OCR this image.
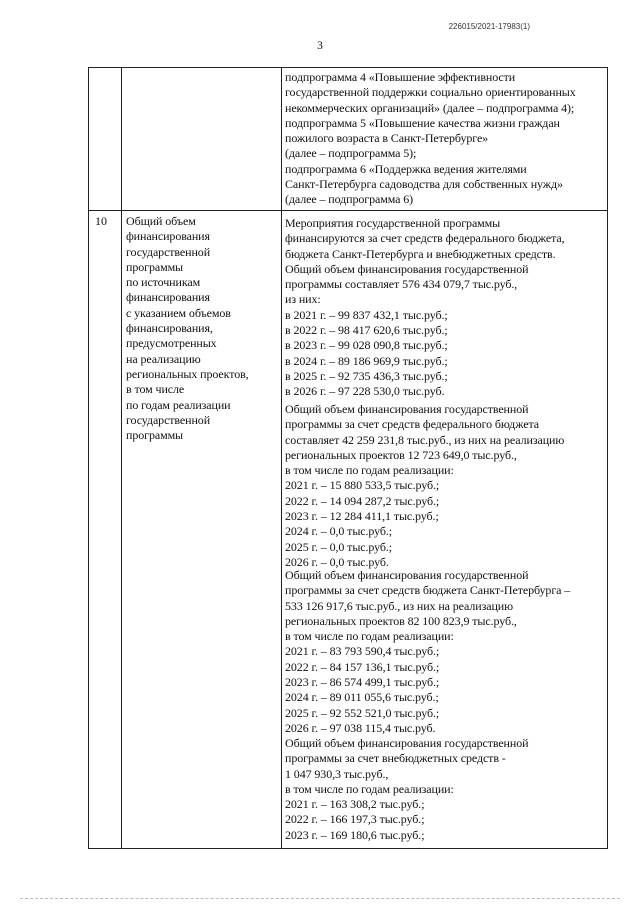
226015/2021-17983(1)
3
подпрограмма 4 «Повышение эффективности
государственной поддержки социально ориентированных
некоммерческих организаций» (далее – подпрограмма 4);
подпрограмма 5 «Повышение качества жизни граждан
пожилого возраста в Санкт-Петербурге»
(далее – подпрограмма 5);
подпрограмма 6 «Поддержка ведения жителями
Санкт-Петербурга садоводства для собственных нужд»
(далее – подпрограмма 6)
10 Общий объем
финансирования
государственной
программы
по источникам
финансирования
с указанием объемов
финансирования,
предусмотренных
на реализацию
региональных проектов,
в том числе
по годам реализации
государственной
программы
Мероприятия государственной программы
финансируются за счет средств федерального бюджета,
бюджета Санкт-Петербурга и внебюджетных средств.
Общий объем финансирования государственной
программы составляет 576 434 079,7 тыс.руб.,
из них:
в 2021 г. – 99 837 432,1 тыс.руб.;
в 2022 г. – 98 417 620,6 тыс.руб.;
в 2023 г. – 99 028 090,8 тыс.руб.;
в 2024 г. – 89 186 969,9 тыс.руб.;
в 2025 г. – 92 735 436,3 тыс.руб.;
в 2026 г. – 97 228 530,0 тыс.руб.
Общий объем финансирования государственной
программы за счет средств федерального бюджета
составляет 42 259 231,8 тыс.руб., из них на реализацию
региональных проектов 12 723 649,0 тыс.руб.,
в том числе по годам реализации:
2021 г. – 15 880 533,5 тыс.руб.;
2022 г. – 14 094 287,2 тыс.руб.;
2023 г. – 12 284 411,1 тыс.руб.;
2024 г. – 0,0 тыс.руб.;
2025 г. – 0,0 тыс.руб.;
2026 г. – 0,0 тыс.руб.
Общий объем финансирования государственной
программы за счет средств бюджета Санкт-Петербурга –
533 126 917,6 тыс.руб., из них на реализацию
региональных проектов 82 100 823,9 тыс.руб.,
в том числе по годам реализации:
2021 г. – 83 793 590,4 тыс.руб.;
2022 г. – 84 157 136,1 тыс.руб.;
2023 г. – 86 574 499,1 тыс.руб.;
2024 г. – 89 011 055,6 тыс.руб.;
2025 г. – 92 552 521,0 тыс.руб.;
2026 г. – 97 038 115,4 тыс.руб.
Общий объем финансирования государственной
программы за счет внебюджетных средств -
1 047 930,3 тыс.руб.,
в том числе по годам реализации:
2021 г. – 163 308,2 тыс.руб.;
2022 г. – 166 197,3 тыс.руб.;
2023 г. – 169 180,6 тыс.руб.;
